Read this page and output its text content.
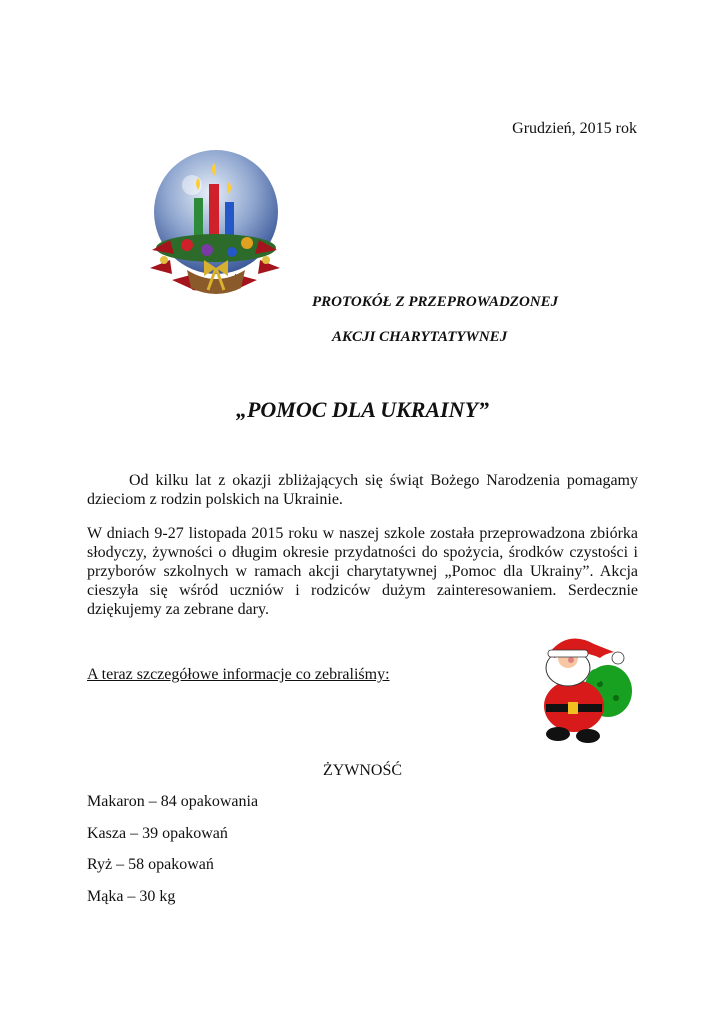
Grudzień, 2015 rok
PROTOKÓŁ Z PRZEPROWADZONEJ
AKCJI CHARYTATYWNEJ
„POMOC DLA UKRAINY”

Od kilku lat z okazji zbliżających się świąt Bożego Narodzenia pomagamy dzieciom z rodzin polskich na Ukrainie.

W dniach 9-27 listopada 2015 roku w naszej szkole została przeprowadzona zbiórka słodyczy, żywności o długim okresie przydatności do spożycia, środków czystości i przyborów szkolnych w ramach akcji charytatywnej „Pomoc dla Ukrainy”. Akcja cieszyła się wśród uczniów i rodziców dużym zainteresowaniem. Serdecznie dziękujemy za zebrane dary.

A teraz szczegółowe informacje co zebraliśmy:
ŻYWNOŚĆ
Makaron – 84 opakowania
Kasza – 39 opakowań
Ryż – 58 opakowań
Mąka – 30 kg
